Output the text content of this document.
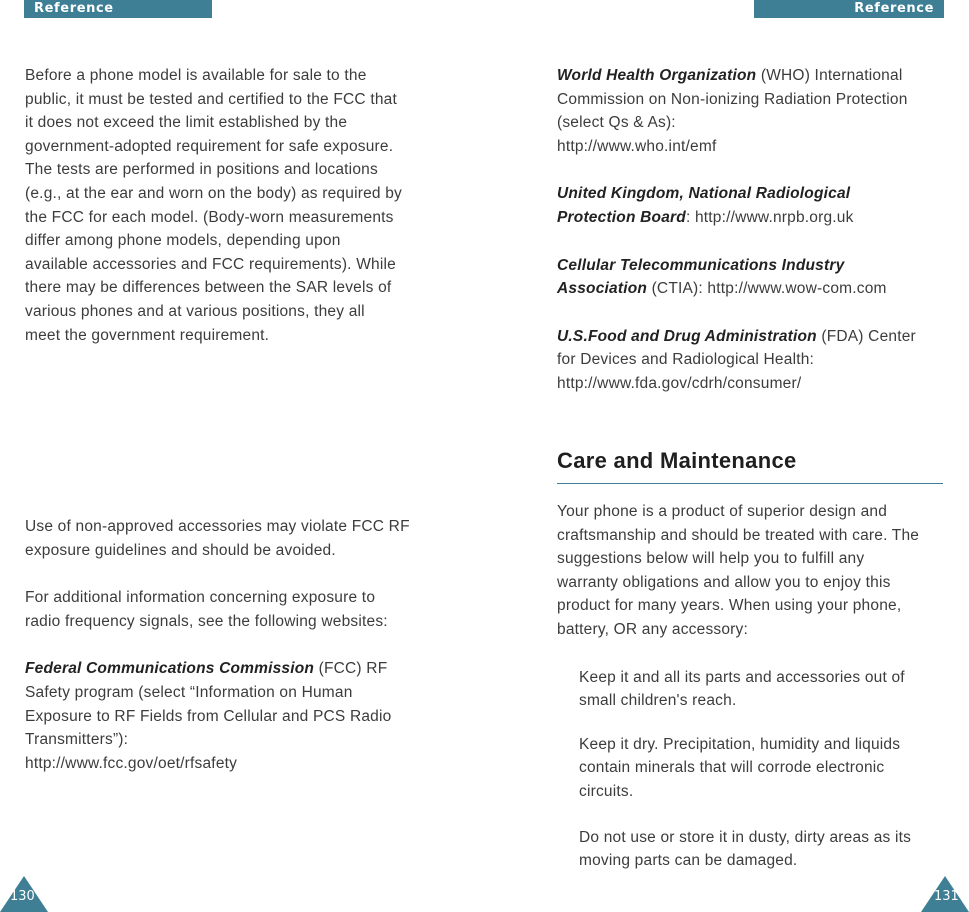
Reference Information
Reference Information

Before a phone model is available for sale to the

public, it must be tested and certified to the FCC that

it does not exceed the limit established by the

government-adopted requirement for safe exposure.

The tests are performed in positions and locations

(e.g., at the ear and worn on the body) as required by

the FCC for each model. (Body-worn measurements

differ among phone models, depending upon

available accessories and FCC requirements). While

there may be differences between the SAR levels of

various phones and at various positions, they all

meet the government requirement.

Use of non-approved accessories may violate FCC RF

exposure guidelines and should be avoided.

For additional information concerning exposure to

radio frequency signals, see the following websites:

Federal Communications Commission (FCC) RF

Safety program (select “Information on Human

Exposure to RF Fields from Cellular and PCS Radio

Transmitters”):

http://www.fcc.gov/oet/rfsafety

World Health Organization (WHO) International

Commission on Non-ionizing Radiation Protection

(select Qs & As):

http://www.who.int/emf

United Kingdom, National Radiological

Protection Board: http://www.nrpb.org.uk

Cellular Telecommunications Industry

Association (CTIA): http://www.wow-com.com

U.S.Food and Drug Administration (FDA) Center

for Devices and Radiological Health:

http://www.fda.gov/cdrh/consumer/

Care and Maintenance

Your phone is a product of superior design and

craftsmanship and should be treated with care. The

suggestions below will help you to fulfill any

warranty obligations and allow you to enjoy this

product for many years. When using your phone,

battery, OR any accessory:

Keep it and all its parts and accessories out of

small children's reach.

Keep it dry. Precipitation, humidity and liquids

contain minerals that will corrode electronic

circuits.

Do not use or store it in dusty, dirty areas as its

moving parts can be damaged.

130	131
